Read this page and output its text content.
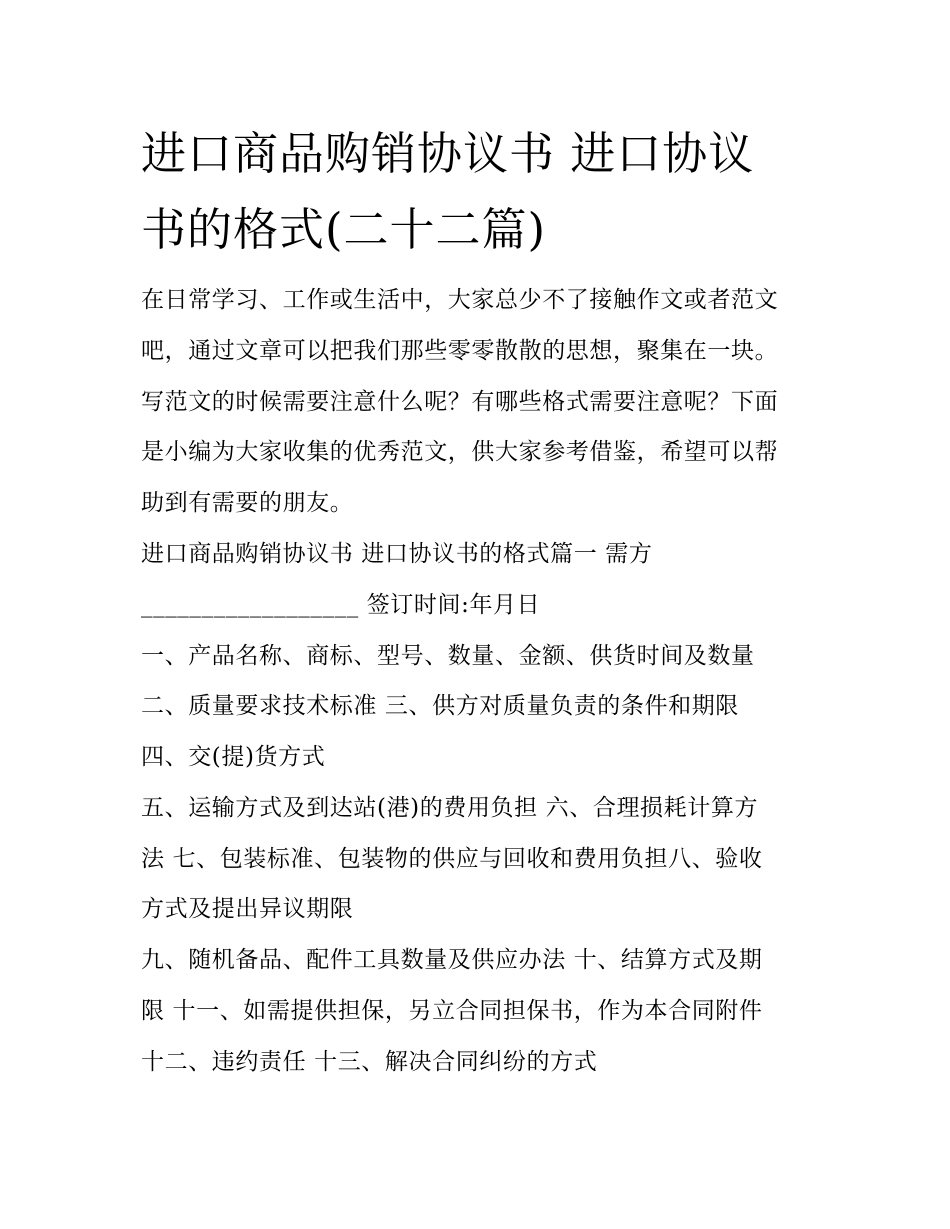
进口商品购销协议书 进口协议
书的格式(二十二篇)
在日常学习、工作或生活中，大家总少不了接触作文或者范文
吧，通过文章可以把我们那些零零散散的思想，聚集在一块。
写范文的时候需要注意什么呢？有哪些格式需要注意呢？下面
是小编为大家收集的优秀范文，供大家参考借鉴，希望可以帮
助到有需要的朋友。
进口商品购销协议书 进口协议书的格式篇一 需方
__________________ 签订时间:年月日
一、产品名称、商标、型号、数量、金额、供货时间及数量
二、质量要求技术标准 三、供方对质量负责的条件和期限
四、交(提)货方式
五、运输方式及到达站(港)的费用负担 六、合理损耗计算方
法 七、包装标准、包装物的供应与回收和费用负担八、验收
方式及提出异议期限
九、随机备品、配件工具数量及供应办法 十、结算方式及期
限 十一、如需提供担保，另立合同担保书，作为本合同附件
十二、违约责任 十三、解决合同纠纷的方式
